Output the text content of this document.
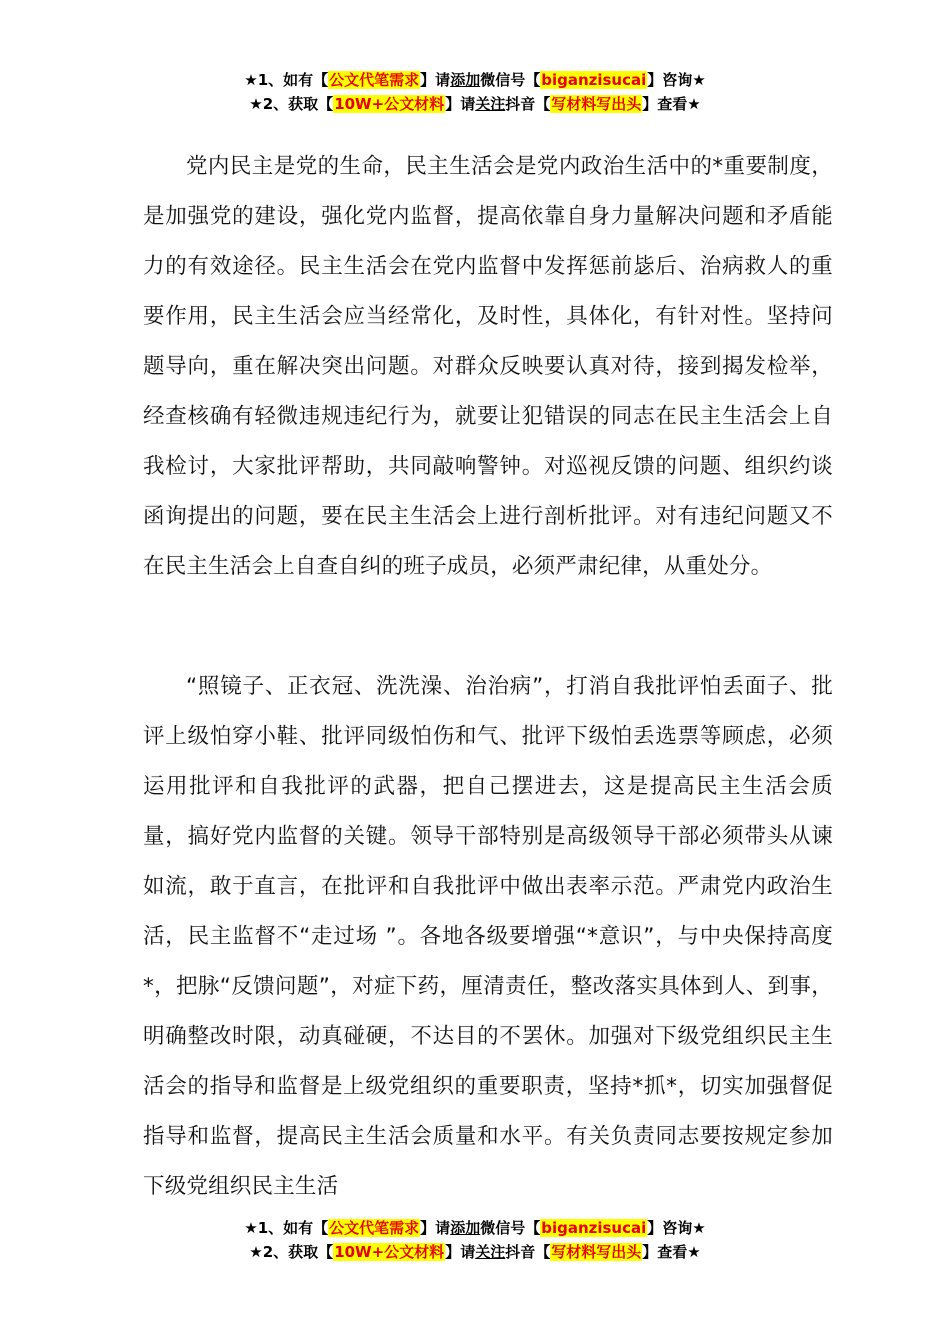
★1、如有【公文代笔需求】请添加微信号【biganzisucai】咨询★
★2、获取【10W+公文材料】请关注抖音【写材料写出头】查看★

党内民主是党的生命，民主生活会是党内政治生活中的*重要制度，是加强党的建设，强化党内监督，提高依靠自身力量解决问题和矛盾能力的有效途径。民主生活会在党内监督中发挥惩前毖后、治病救人的重要作用，民主生活会应当经常化，及时性，具体化，有针对性。坚持问题导向，重在解决突出问题。对群众反映要认真对待，接到揭发检举，经查核确有轻微违规违纪行为，就要让犯错误的同志在民主生活会上自我检讨，大家批评帮助，共同敲响警钟。对巡视反馈的问题、组织约谈函询提出的问题，要在民主生活会上进行剖析批评。对有违纪问题又不在民主生活会上自查自纠的班子成员，必须严肃纪律，从重处分。

“照镜子、正衣冠、洗洗澡、治治病”，打消自我批评怕丢面子、批评上级怕穿小鞋、批评同级怕伤和气、批评下级怕丢选票等顾虑，必须运用批评和自我批评的武器，把自己摆进去，这是提高民主生活会质量，搞好党内监督的关键。领导干部特别是高级领导干部必须带头从谏如流，敢于直言，在批评和自我批评中做出表率示范。严肃党内政治生活，民主监督不“走过场 ”。各地各级要增强“*意识”，与中央保持高度*，把脉“反馈问题”，对症下药，厘清责任，整改落实具体到人、到事，明确整改时限，动真碰硬，不达目的不罢休。加强对下级党组织民主生活会的指导和监督是上级党组织的重要职责，坚持*抓*，切实加强督促指导和监督，提高民主生活会质量和水平。有关负责同志要按规定参加下级党组织民主生活

★1、如有【公文代笔需求】请添加微信号【biganzisucai】咨询★
★2、获取【10W+公文材料】请关注抖音【写材料写出头】查看★
